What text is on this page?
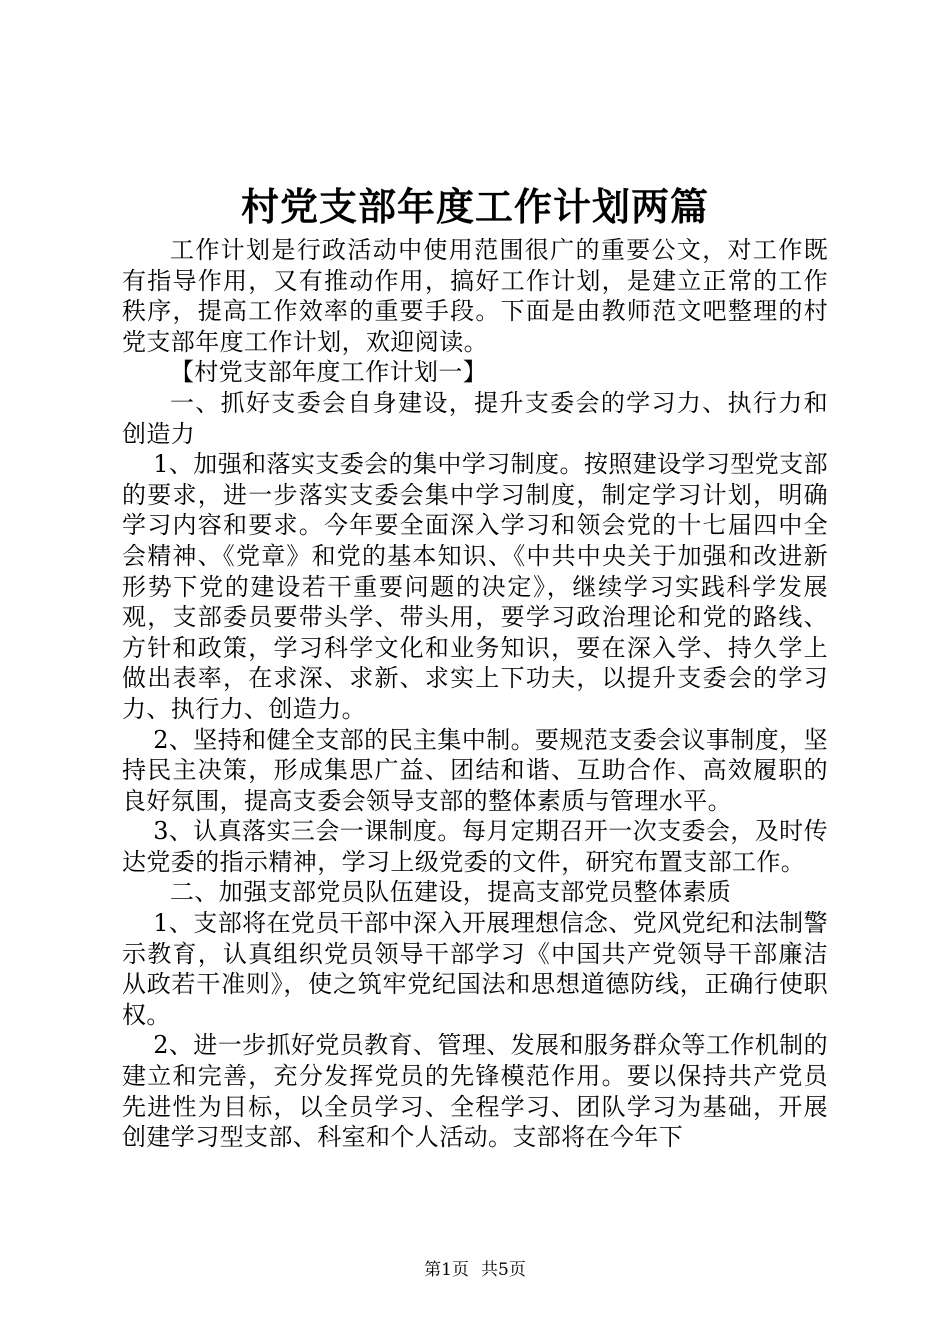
村党支部年度工作计划两篇

工作计划是行政活动中使用范围很广的重要公文，对工作既有指导作用，又有推动作用，搞好工作计划，是建立正常的工作秩序，提高工作效率的重要手段。下面是由教师范文吧整理的村党支部年度工作计划，欢迎阅读。

【村党支部年度工作计划一】

一、抓好支委会自身建设，提升支委会的学习力、执行力和创造力

1、加强和落实支委会的集中学习制度。按照建设学习型党支部的要求，进一步落实支委会集中学习制度，制定学习计划，明确学习内容和要求。今年要全面深入学习和领会党的十七届四中全会精神、《党章》和党的基本知识、《中共中央关于加强和改进新形势下党的建设若干重要问题的决定》，继续学习实践科学发展观，支部委员要带头学、带头用，要学习政治理论和党的路线、方针和政策，学习科学文化和业务知识，要在深入学、持久学上做出表率，在求深、求新、求实上下功夫，以提升支委会的学习力、执行力、创造力。

2、坚持和健全支部的民主集中制。要规范支委会议事制度，坚持民主决策，形成集思广益、团结和谐、互助合作、高效履职的良好氛围，提高支委会领导支部的整体素质与管理水平。

3、认真落实三会一课制度。每月定期召开一次支委会，及时传达党委的指示精神，学习上级党委的文件，研究布置支部工作。

二、加强支部党员队伍建设，提高支部党员整体素质

1、支部将在党员干部中深入开展理想信念、党风党纪和法制警示教育，认真组织党员领导干部学习《中国共产党领导干部廉洁从政若干准则》，使之筑牢党纪国法和思想道德防线，正确行使职权。

2、进一步抓好党员教育、管理、发展和服务群众等工作机制的建立和完善，充分发挥党员的先锋模范作用。要以保持共产党员先进性为目标，以全员学习、全程学习、团队学习为基础，开展创建学习型支部、科室和个人活动。支部将在今年下

第1页 共5页
